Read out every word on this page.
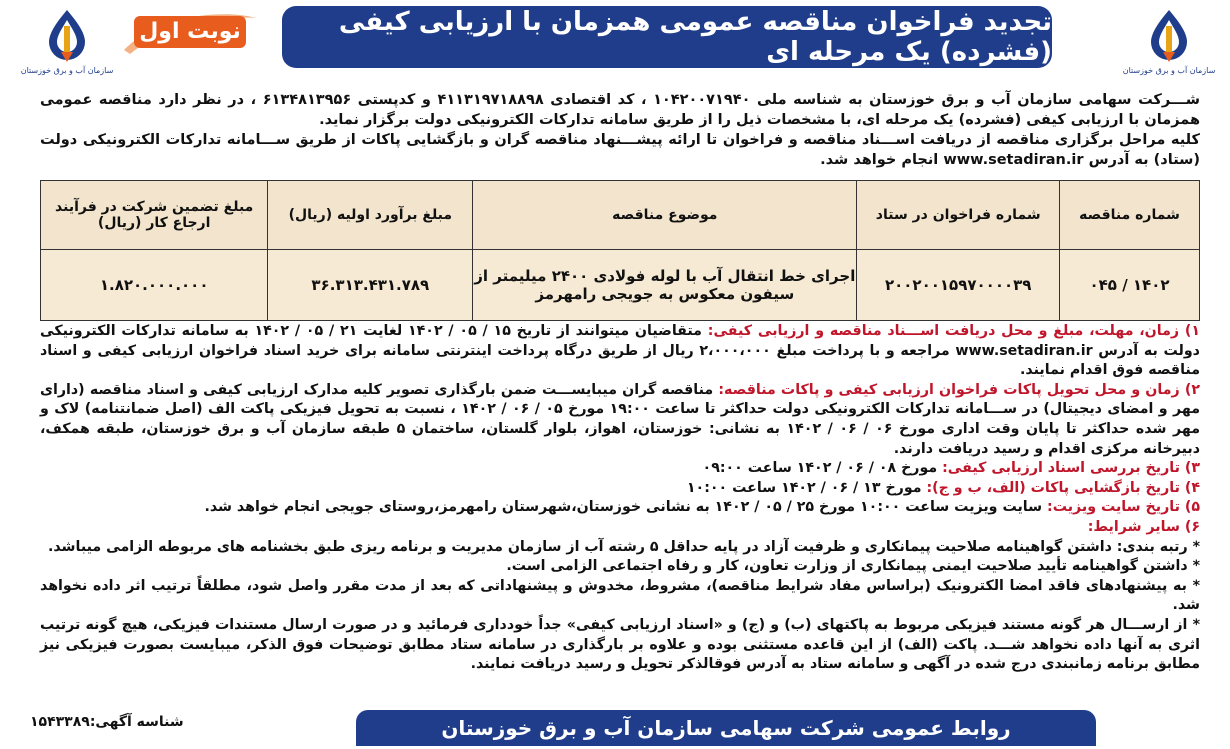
سازمان آب و برق خوزستان
تجدید فراخوان مناقصه عمومی همزمان با ارزیابی کیفی (فشرده) یک مرحله ای
نوبت اول
سازمان آب و برق خوزستان

شـــرکت سهامی سازمان آب و برق خوزستان به شناسه ملی ۱۰۴۲۰۰۷۱۹۴۰ ، کد اقتصادی ۴۱۱۳۱۹۷۱۸۸۹۸ و کدپستی ۶۱۳۴۸۱۳۹۵۶ ، در نظر دارد مناقصه عمومی همزمان با ارزیابی کیفی (فشرده) یک مرحله ای، با مشخصات ذیل را از طریق سامانه تدارکات الکترونیکی دولت برگزار نماید.

کلیه مراحل برگزاری مناقصه از دریافت اســـناد مناقصه و فراخوان تا ارائه پیشـــنهاد مناقصه گران و بازگشایی پاکات از طریق ســـامانه تدارکات الکترونیکی دولت (ستاد) به آدرس www.setadiran.ir انجام خواهد شد.

شماره مناقصه	شماره فراخوان در ستاد	موضوع مناقصه	مبلغ برآورد اولیه (ریال)	مبلغ تضمین شرکت در فرآیند ارجاع کار (ریال)
۱۴۰۲ / ۰۴۵	۲۰۰۲۰۰۱۵۹۷۰۰۰۰۳۹	اجرای خط انتقال آب با لوله فولادی ۲۴۰۰ میلیمتر از سیفون معکوس به جویجی رامهرمز	۳۶.۳۱۳.۴۳۱.۷۸۹	۱.۸۲۰.۰۰۰.۰۰۰

۱) زمان، مهلت، مبلغ و محل دریافت اســـناد مناقصه و ارزیابی کیفی: متقاضیان میتوانند از تاریخ ۱۵ / ۰۵ / ۱۴۰۲ لغایت ۲۱ / ۰۵ / ۱۴۰۲ به سامانه تدارکات الکترونیکی دولت به آدرس www.setadiran.ir مراجعه و با پرداخت مبلغ ۲،۰۰۰،۰۰۰ ریال از طریق درگاه پرداخت اینترنتی سامانه برای خرید اسناد فراخوان ارزیابی کیفی و اسناد مناقصه فوق اقدام نمایند.

۲) زمان و محل تحویل پاکات فراخوان ارزیابی کیفی و پاکات مناقصه: مناقصه گران میبایســـت ضمن بارگذاری تصویر کلیه مدارک ارزیابی کیفی و اسناد مناقصه (دارای مهر و امضای دیجیتال) در ســـامانه تدارکات الکترونیکی دولت حداکثر تا ساعت ۱۹:۰۰ مورخ ۰۵ / ۰۶ / ۱۴۰۲ ، نسبت به تحویل فیزیکی پاکت الف (اصل ضمانتنامه) لاک و مهر شده حداکثر تا پایان وقت اداری مورخ ۰۶ / ۰۶ / ۱۴۰۲ به نشانی: خوزستان، اهواز، بلوار گلستان، ساختمان ۵ طبقه سازمان آب و برق خوزستان، طبقه همکف، دبیرخانه مرکزی اقدام و رسید دریافت دارند.

۳) تاریخ بررسی اسناد ارزیابی کیفی: مورخ ۰۸ / ۰۶ / ۱۴۰۲ ساعت ۰۹:۰۰

۴) تاریخ بازگشایی پاکات (الف، ب و ج): مورخ ۱۳ / ۰۶ / ۱۴۰۲ ساعت ۱۰:۰۰

۵) تاریخ سایت ویزیت: سایت ویزیت ساعت ۱۰:۰۰ مورخ ۲۵ / ۰۵ / ۱۴۰۲ به نشانی خوزستان،شهرستان رامهرمز،روستای جویجی انجام خواهد شد.

۶) سایر شرایط:

* رتبه بندی: داشتن گواهینامه صلاحیت پیمانکاری و ظرفیت آزاد در پایه حداقل ۵ رشته آب از سازمان مدیریت و برنامه ریزی طبق بخشنامه های مربوطه الزامی میباشد.

* داشتن گواهینامه تأیید صلاحیت ایمنی پیمانکاری از وزارت تعاون، کار و رفاه اجتماعی الزامی است.

* به پیشنهادهای فاقد امضا الکترونیک (براساس مفاد شرایط مناقصه)، مشروط، مخدوش و پیشنهاداتی که بعد از مدت مقرر واصل شود، مطلقاً ترتیب اثر داده نخواهد شد.

* از ارســـال هر گونه مستند فیزیکی مربوط به پاکتهای (ب) و (ج) و «اسناد ارزیابی کیفی» جداً خودداری فرمائید و در صورت ارسال مستندات فیزیکی، هیچ گونه ترتیب اثری به آنها داده نخواهد شـــد. پاکت (الف) از این قاعده مستثنی بوده و علاوه بر بارگذاری در سامانه ستاد مطابق توضیحات فوق الذکر، میبایست بصورت فیزیکی نیز مطابق برنامه زمانبندی درج شده در آگهی و سامانه ستاد به آدرس فوقالذکر تحویل و رسید دریافت نمایند.

شناسه آگهی:۱۵۴۳۳۸۹	روابط عمومی شرکت سهامی سازمان آب و برق خوزستان
